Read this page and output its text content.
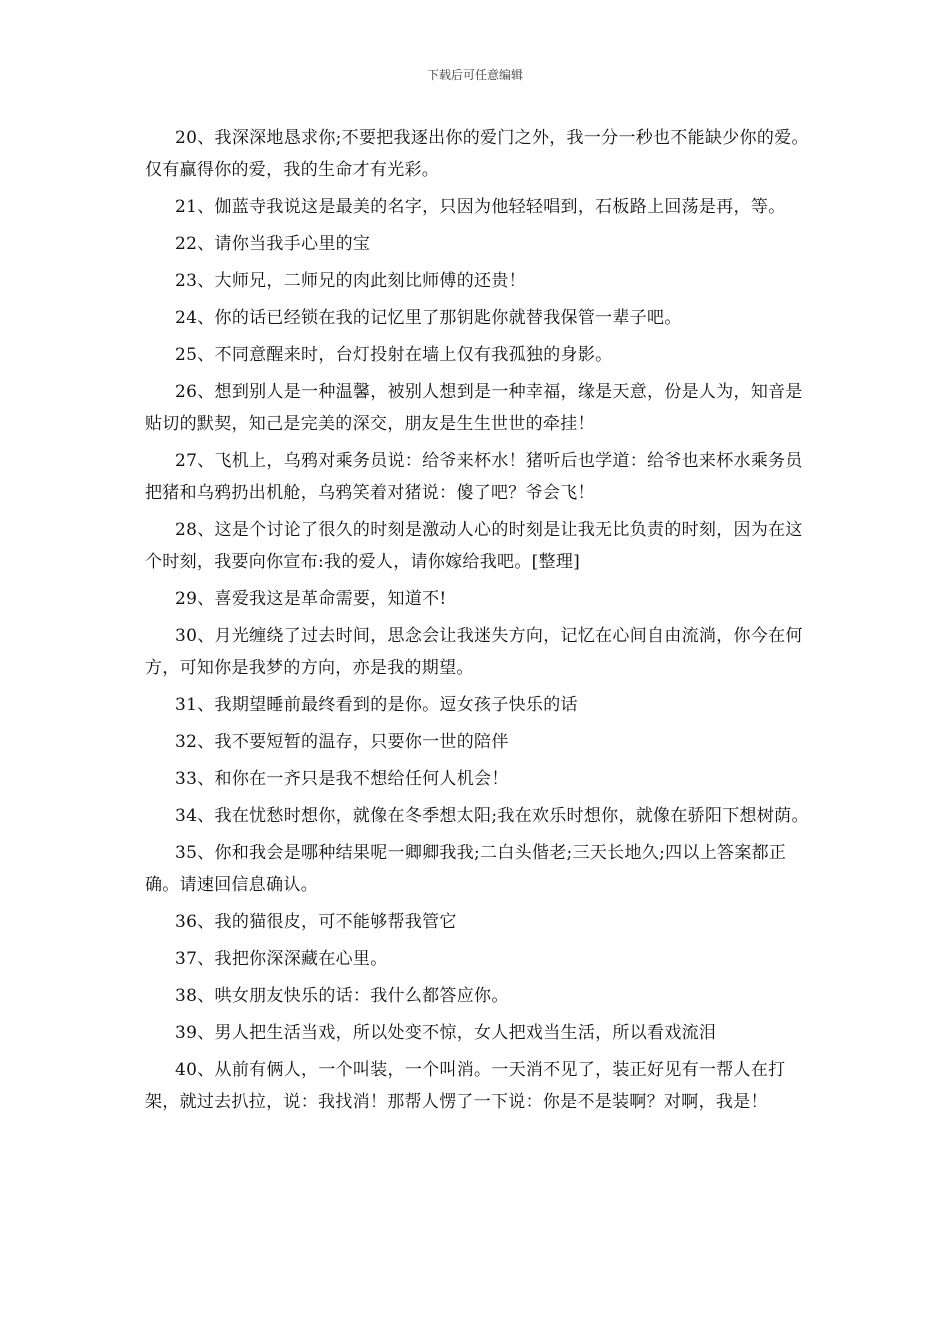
下载后可任意编辑

20、我深深地恳求你;不要把我逐出你的爱门之外，我一分一秒也不能缺少你的爱。仅有赢得你的爱，我的生命才有光彩。

21、伽蓝寺我说这是最美的名字，只因为他轻轻唱到，石板路上回荡是再，等。

22、请你当我手心里的宝

23、大师兄，二师兄的肉此刻比师傅的还贵！

24、你的话已经锁在我的记忆里了那钥匙你就替我保管一辈子吧。

25、不同意醒来时，台灯投射在墙上仅有我孤独的身影。

26、想到别人是一种温馨，被别人想到是一种幸福，缘是天意，份是人为，知音是贴切的默契，知己是完美的深交，朋友是生生世世的牵挂！

27、飞机上，乌鸦对乘务员说：给爷来杯水！猪听后也学道：给爷也来杯水乘务员把猪和乌鸦扔出机舱，乌鸦笑着对猪说：傻了吧？爷会飞！

28、这是个讨论了很久的时刻是激动人心的时刻是让我无比负责的时刻，因为在这个时刻，我要向你宣布:我的爱人，请你嫁给我吧。[整理]

29、喜爱我这是革命需要，知道不!

30、月光缠绕了过去时间，思念会让我迷失方向，记忆在心间自由流淌，你今在何方，可知你是我梦的方向，亦是我的期望。

31、我期望睡前最终看到的是你。逗女孩子快乐的话

32、我不要短暂的温存，只要你一世的陪伴

33、和你在一齐只是我不想给任何人机会！

34、我在忧愁时想你，就像在冬季想太阳;我在欢乐时想你，就像在骄阳下想树荫。

35、你和我会是哪种结果呢一卿卿我我;二白头偕老;三天长地久;四以上答案都正确。请速回信息确认。

36、我的猫很皮，可不能够帮我管它

37、我把你深深藏在心里。

38、哄女朋友快乐的话：我什么都答应你。

39、男人把生活当戏，所以处变不惊，女人把戏当生活，所以看戏流泪

40、从前有俩人，一个叫装，一个叫消。一天消不见了，装正好见有一帮人在打架，就过去扒拉，说：我找消！那帮人愣了一下说：你是不是装啊？对啊，我是！
